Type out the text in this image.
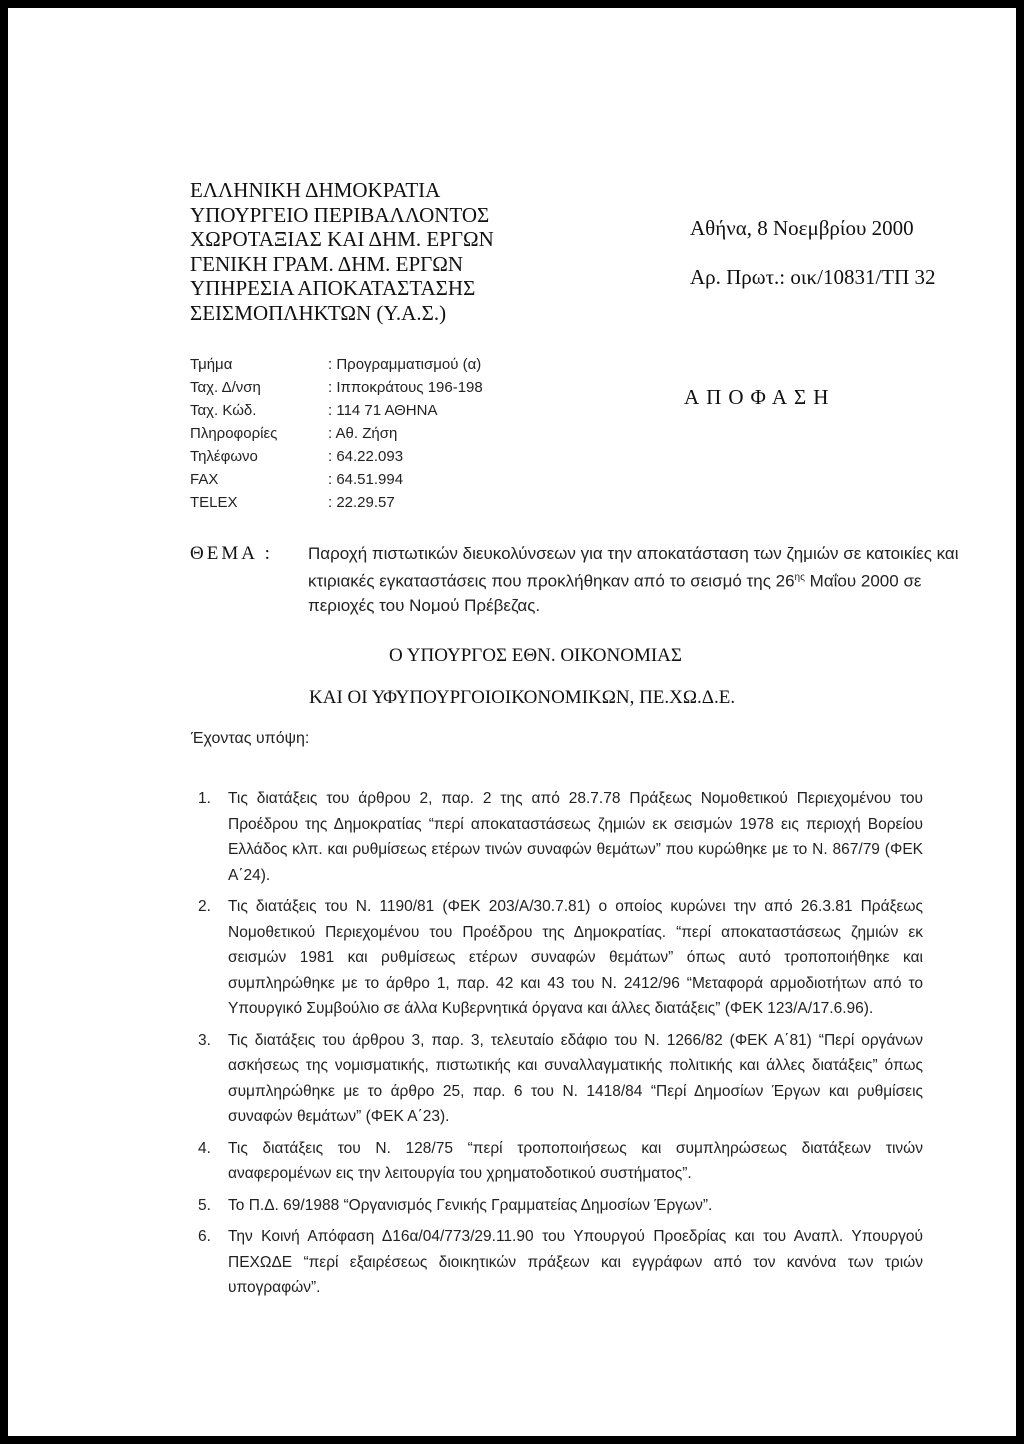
ΕΛΛΗΝΙΚΗ ΔΗΜΟΚΡΑΤΙΑ
ΥΠΟΥΡΓΕΙΟ ΠΕΡΙΒΑΛΛΟΝΤΟΣ
ΧΩΡΟΤΑΞΙΑΣ ΚΑΙ ΔΗΜ. ΕΡΓΩΝ
ΓΕΝΙΚΗ ΓΡΑΜ. ΔΗΜ. ΕΡΓΩΝ
ΥΠΗΡΕΣΙΑ ΑΠΟΚΑΤΑΣΤΑΣΗΣ
ΣΕΙΣΜΟΠΛΗΚΤΩΝ (Υ.Α.Σ.)
Αθήνα, 8 Νοεμβρίου 2000
Αρ. Πρωτ.: οικ/10831/ΤΠ 32
Τμήμα	: Προγραμματισμού (α)
Ταχ. Δ/νση	: Ιπποκράτους 196-198
Ταχ. Κώδ.	: 114 71 ΑΘΗΝΑ
Πληροφορίες	: Αθ. Ζήση
Τηλέφωνο	: 64.22.093
FAX	: 64.51.994
TELEX	: 22.29.57
ΑΠΟΦΑΣΗ
ΘΕΜΑ : Παροχή πιστωτικών διευκολύνσεων για την αποκατάσταση των ζημιών σε κατοικίες και κτιριακές εγκαταστάσεις που προκλήθηκαν από το σεισμό της $26^{\eta\varsigma}$ Μαΐου 2000 σε περιοχές του Νομού Πρέβεζας.
Ο ΥΠΟΥΡΓΟΣ ΕΘΝ. ΟΙΚΟΝΟΜΙΑΣ
ΚΑΙ ΟΙ ΥΦΥΠΟΥΡΓΟΙΟΙΚΟΝΟΜΙΚΩΝ, ΠΕ.ΧΩ.Δ.Ε.
Έχοντας υπόψη:
1. Τις διατάξεις του άρθρου 2, παρ. 2 της από 28.7.78 Πράξεως Νομοθετικού Περιεχομένου του Προέδρου της Δημοκρατίας “περί αποκαταστάσεως ζημιών εκ σεισμών 1978 εις περιοχή Βορείου Ελλάδος κλπ. και ρυθμίσεως ετέρων τινών συναφών θεμάτων” που κυρώθηκε με το Ν. 867/79 (ΦΕΚ Α΄24).
2. Τις διατάξεις του Ν. 1190/81 (ΦΕΚ 203/Α/30.7.81) ο οποίος κυρώνει την από 26.3.81 Πράξεως Νομοθετικού Περιεχομένου του Προέδρου της Δημοκρατίας. “περί αποκαταστάσεως ζημιών εκ σεισμών 1981 και ρυθμίσεως ετέρων συναφών θεμάτων” όπως αυτό τροποποιήθηκε και συμπληρώθηκε με το άρθρο 1, παρ. 42 και 43 του Ν. 2412/96 “Μεταφορά αρμοδιοτήτων από το Υπουργικό Συμβούλιο σε άλλα Κυβερνητικά όργανα και άλλες διατάξεις” (ΦΕΚ 123/Α/17.6.96).
3. Τις διατάξεις του άρθρου 3, παρ. 3, τελευταίο εδάφιο του Ν. 1266/82 (ΦΕΚ Α΄81) “Περί οργάνων ασκήσεως της νομισματικής, πιστωτικής και συναλλαγματικής πολιτικής και άλλες διατάξεις” όπως συμπληρώθηκε με το άρθρο 25, παρ. 6 του Ν. 1418/84 “Περί Δημοσίων Έργων και ρυθμίσεις συναφών θεμάτων” (ΦΕΚ Α΄23).
4. Τις διατάξεις του Ν. 128/75 “περί τροποποιήσεως και συμπληρώσεως διατάξεων τινών αναφερομένων εις την λειτουργία του χρηματοδοτικού συστήματος”.
5. Το Π.Δ. 69/1988 “Οργανισμός Γενικής Γραμματείας Δημοσίων Έργων”.
6. Την Κοινή Απόφαση Δ16α/04/773/29.11.90 του Υπουργού Προεδρίας και του Αναπλ. Υπουργού ΠΕΧΩΔΕ “περί εξαιρέσεως διοικητικών πράξεων και εγγράφων από τον κανόνα των τριών υπογραφών”.
